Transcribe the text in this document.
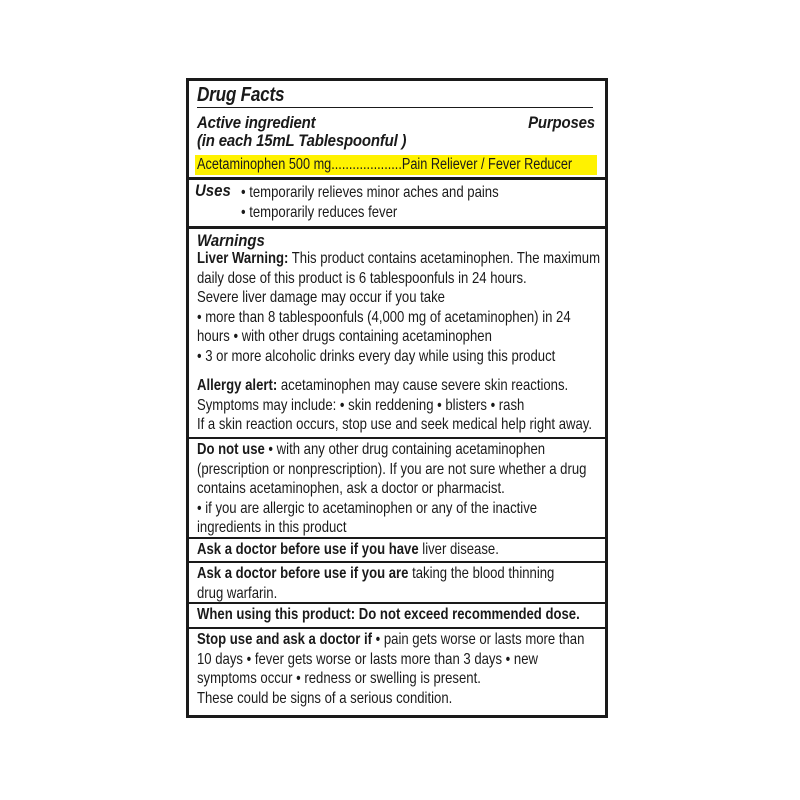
Drug Facts
Active ingredient	Purposes
(in each 15mL Tablespoonful )
Acetaminophen 500 mg....................Pain Reliever / Fever Reducer
Uses • temporarily relieves minor aches and pains
• temporarily reduces fever
Warnings
Liver Warning: This product contains acetaminophen. The maximum
daily dose of this product is 6 tablespoonfuls in 24 hours.
Severe liver damage may occur if you take
• more than 8 tablespoonfuls (4,000 mg of acetaminophen) in 24
hours • with other drugs containing acetaminophen
• 3 or more alcoholic drinks every day while using this product
Allergy alert: acetaminophen may cause severe skin reactions.
Symptoms may include: • skin reddening • blisters • rash
If a skin reaction occurs, stop use and seek medical help right away.
Do not use • with any other drug containing acetaminophen
(prescription or nonprescription). If you are not sure whether a drug
contains acetaminophen, ask a doctor or pharmacist.
• if you are allergic to acetaminophen or any of the inactive
ingredients in this product
Ask a doctor before use if you have liver disease.
Ask a doctor before use if you are taking the blood thinning
drug warfarin.
When using this product: Do not exceed recommended dose.
Stop use and ask a doctor if • pain gets worse or lasts more than
10 days • fever gets worse or lasts more than 3 days • new
symptoms occur • redness or swelling is present.
These could be signs of a serious condition.
